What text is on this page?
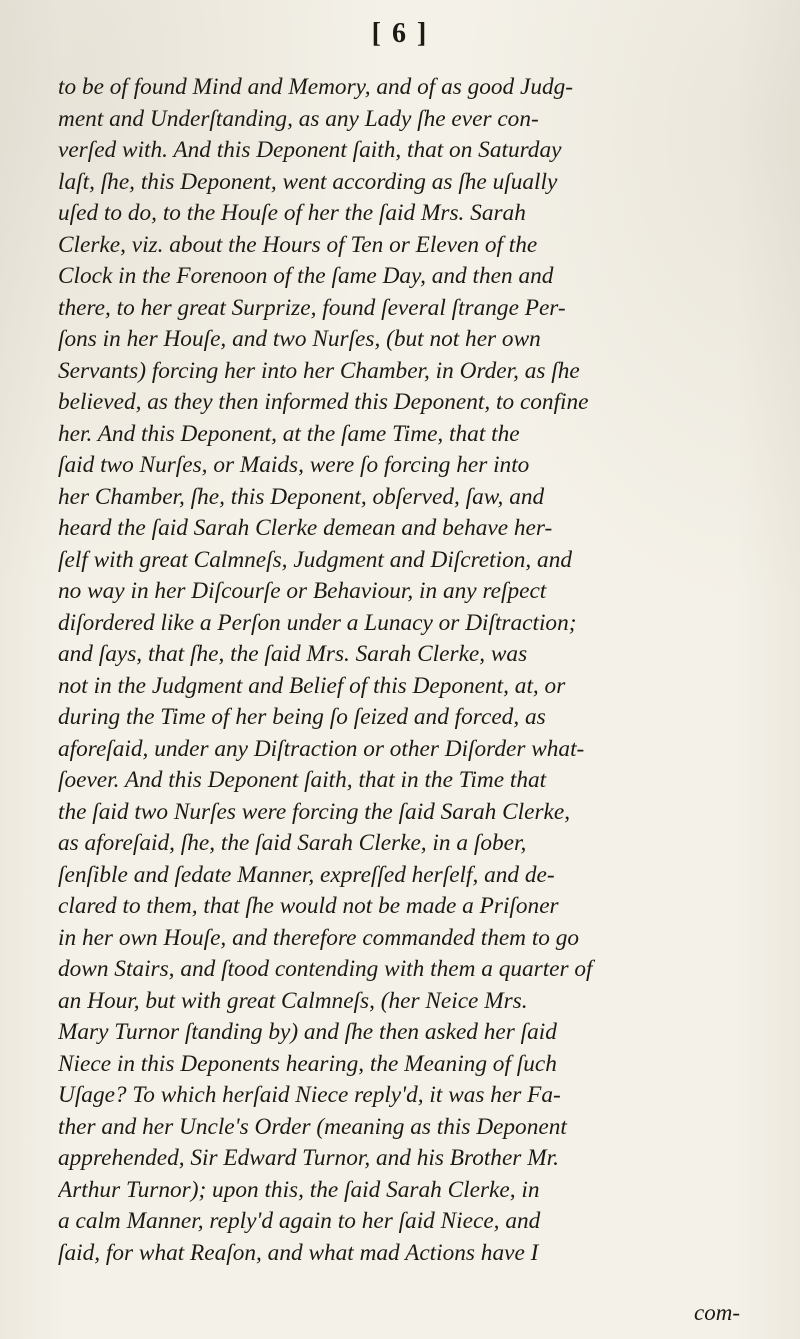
[ 6 ]
to be of found Mind and Memory, and of as good Judg-
ment and Underſtanding, as any Lady ſhe ever con-
verſed with. And this Deponent ſaith, that on Saturday
laſt, ſhe, this Deponent, went according as ſhe uſually
uſed to do, to the Houſe of her the ſaid Mrs. Sarah
Clerke, viz. about the Hours of Ten or Eleven of the
Clock in the Forenoon of the ſame Day, and then and
there, to her great Surprize, found ſeveral ſtrange Per-
ſons in her Houſe, and two Nurſes, (but not her own
Servants) forcing her into her Chamber, in Order, as ſhe
believed, as they then informed this Deponent, to confine
her. And this Deponent, at the ſame Time, that the
ſaid two Nurſes, or Maids, were ſo forcing her into
her Chamber, ſhe, this Deponent, obſerved, ſaw, and
heard the ſaid Sarah Clerke demean and behave her-
ſelf with great Calmneſs, Judgment and Diſcretion, and
no way in her Diſcourſe or Behaviour, in any reſpect
diſordered like a Perſon under a Lunacy or Diſtraction;
and ſays, that ſhe, the ſaid Mrs. Sarah Clerke, was
not in the Judgment and Belief of this Deponent, at, or
during the Time of her being ſo ſeized and forced, as
aforeſaid, under any Diſtraction or other Diſorder what-
ſoever. And this Deponent ſaith, that in the Time that
the ſaid two Nurſes were forcing the ſaid Sarah Clerke,
as aforeſaid, ſhe, the ſaid Sarah Clerke, in a ſober,
ſenſible and ſedate Manner, expreſſed herſelf, and de-
clared to them, that ſhe would not be made a Priſoner
in her own Houſe, and therefore commanded them to go
down Stairs, and ſtood contending with them a quarter of
an Hour, but with great Calmneſs, (her Neice Mrs.
Mary Turnor ſtanding by) and ſhe then asked her ſaid
Niece in this Deponents hearing, the Meaning of ſuch
Uſage? To which herſaid Niece reply'd, it was her Fa-
ther and her Uncle's Order (meaning as this Deponent
apprehended, Sir Edward Turnor, and his Brother Mr.
Arthur Turnor); upon this, the ſaid Sarah Clerke, in
a calm Manner, reply'd again to her ſaid Niece, and
ſaid, for what Reaſon, and what mad Actions have I
com-
